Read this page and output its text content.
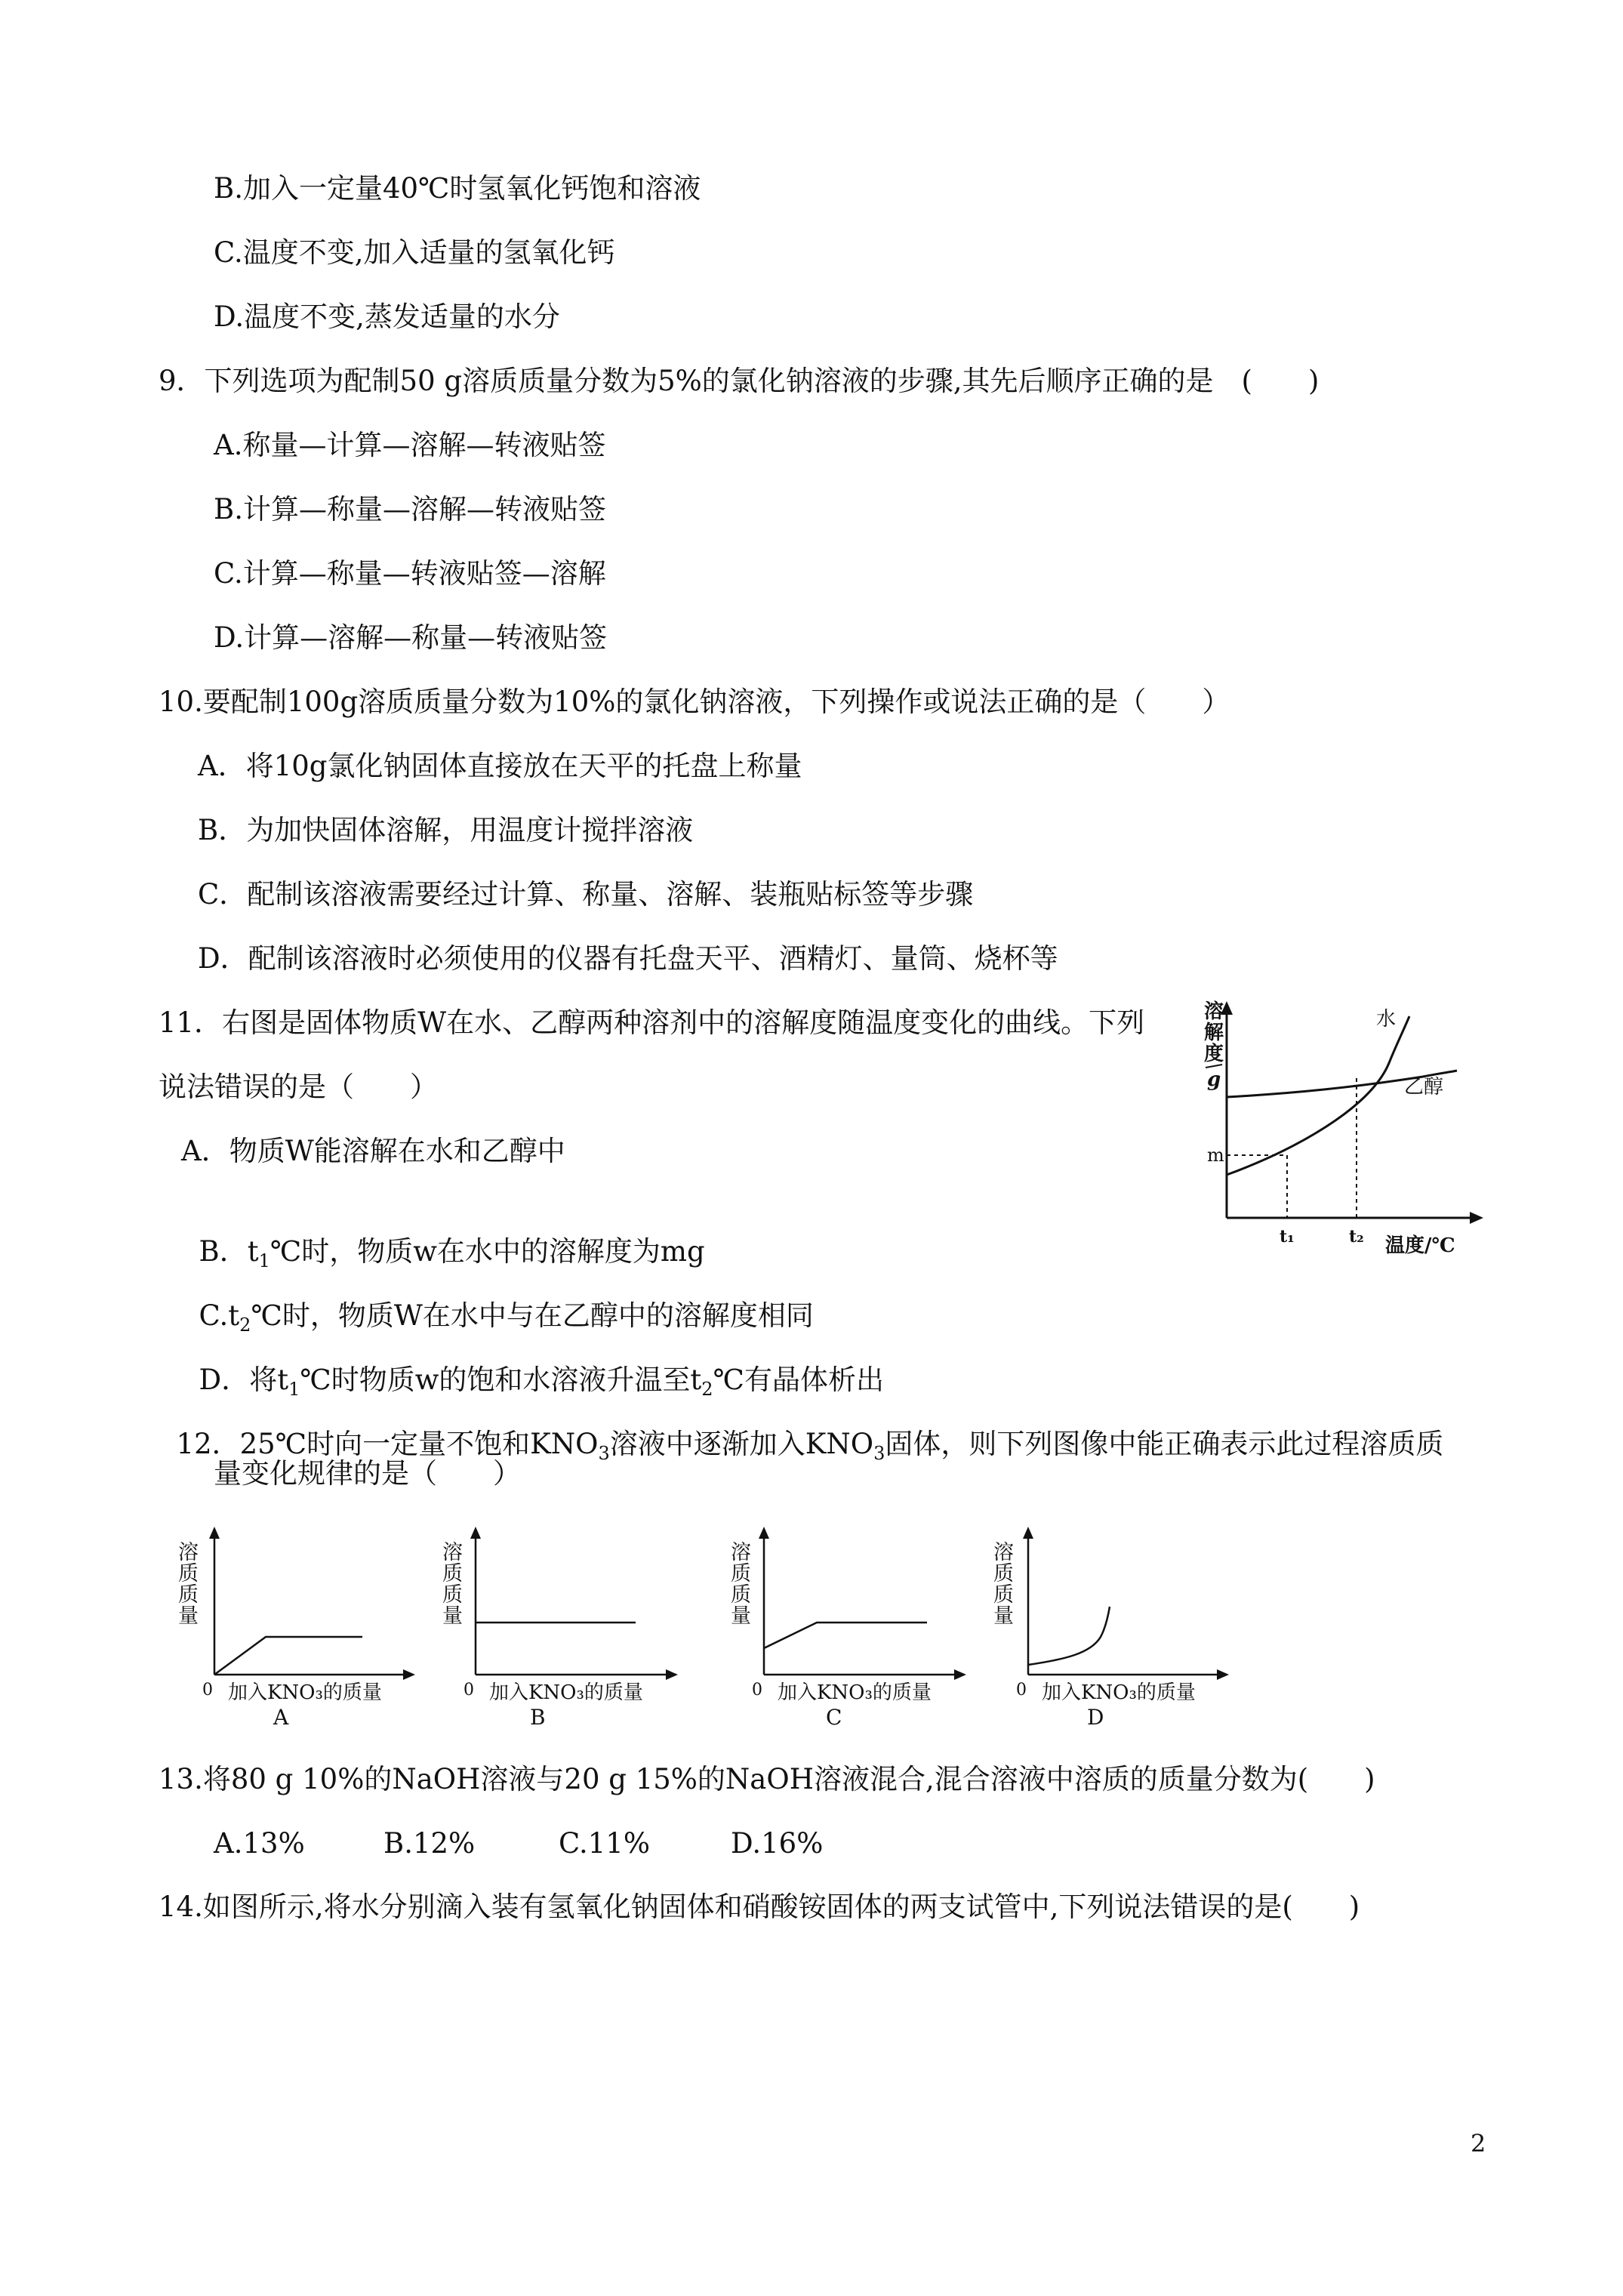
B.加入一定量40℃时氢氧化钙饱和溶液
C.温度不变,加入适量的氢氧化钙
D.温度不变,蒸发适量的水分
9．下列选项为配制50 g溶质质量分数为5%的氯化钠溶液的步骤,其先后顺序正确的是　(　　)
A.称量—计算—溶解—转液贴签
B.计算—称量—溶解—转液贴签
C.计算—称量—转液贴签—溶解
D.计算—溶解—称量—转液贴签
10.要配制100g溶质质量分数为10%的氯化钠溶液，下列操作或说法正确的是（　　）
A．将10g氯化钠固体直接放在天平的托盘上称量
B．为加快固体溶解，用温度计搅拌溶液
C．配制该溶液需要经过计算、称量、溶解、装瓶贴标签等步骤
D．配制该溶液时必须使用的仪器有托盘天平、酒精灯、量筒、烧杯等
11．右图是固体物质W在水、乙醇两种溶剂中的溶解度随温度变化的曲线。下列
说法错误的是（　　）
A．物质W能溶解在水和乙醇中

B．$t_1℃$时，物质w在水中的溶解度为mg

$C.t_2℃$时，物质W在水中与在乙醇中的溶解度相同

D．将$t_1℃$时物质w的饱和水溶液升温至$t_2℃$有晶体析出

溶
解
度
g
m
t₁	t₂ 温度/℃
水
乙醇

12．25℃时向一定量不饱和$KNO_3$溶液中逐渐加入$KNO_3$固体，则下列图像中能正确表示此过程溶质质

量变化规律的是（　　）
溶
质
质
量
0 加入KNO₃的质量
A
溶
质
质
量
0 加入KNO₃的质量
B
溶
质
质
量
0 加入KNO₃的质量
C
溶
质
质
量
0 加入KNO₃的质量
D
13.将80 g 10%的NaOH溶液与20 g 15%的NaOH溶液混合,混合溶液中溶质的质量分数为(　　)
A.13%	B.12%	C.11%	D.16%
14.如图所示,将水分别滴入装有氢氧化钠固体和硝酸铵固体的两支试管中,下列说法错误的是(　　)
2
